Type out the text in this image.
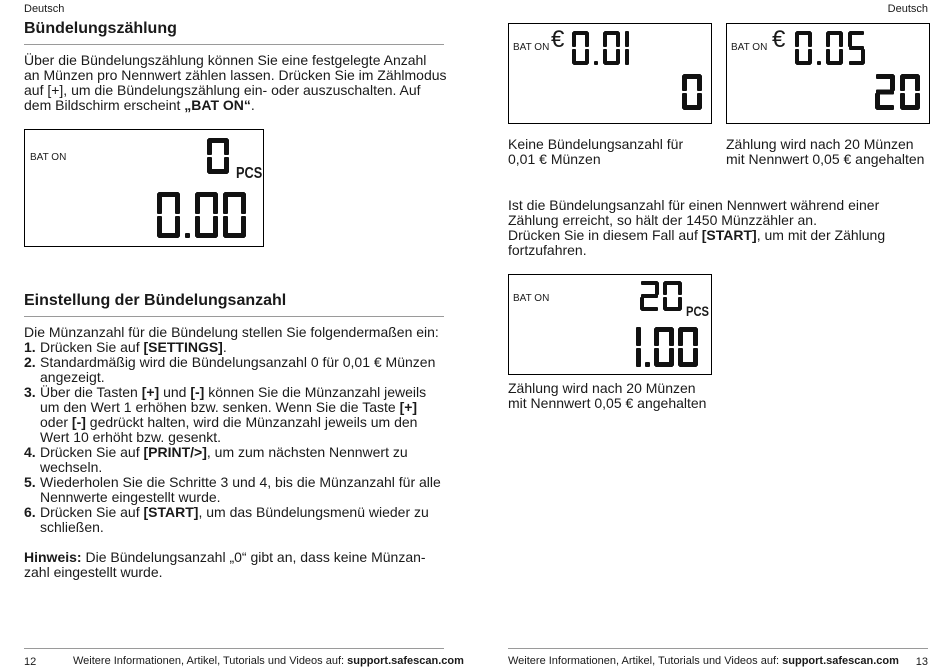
Deutsch	Deutsch
Bündelungszählung

Über die Bündelungszählung können Sie eine festgelegte Anzahl

an Münzen pro Nennwert zählen lassen. Drücken Sie im Zählmodus

auf [+], um die Bündelungszählung ein- oder auszuschalten. Auf

dem Bildschirm erscheint „BAT ON“.

BAT ON
PCS
Einstellung der Bündelungsanzahl

Die Münzanzahl für die Bündelung stellen Sie folgendermaßen ein:

1. Drücken Sie auf [SETTINGS].
2. Standardmäßig wird die Bündelungsanzahl 0 für 0,01 € Münzen
angezeigt.
3. Über die Tasten [+] und [-] können Sie die Münzanzahl jeweils
um den Wert 1 erhöhen bzw. senken. Wenn Sie die Taste [+]
oder [-] gedrückt halten, wird die Münzanzahl jeweils um den
Wert 10 erhöht bzw. gesenkt.
4. Drücken Sie auf [PRINT/>], um zum nächsten Nennwert zu
wechseln.
5. Wiederholen Sie die Schritte 3 und 4, bis die Münzanzahl für alle
Nennwerte eingestellt wurde.
6. Drücken Sie auf [START], um das Bündelungsmenü wieder zu
schließen.

Hinweis: Die Bündelungsanzahl „0“ gibt an, dass keine Münzan-

zahl eingestellt wurde.

12	Weitere Informationen, Artikel, Tutorials und Videos auf: support.safescan.com
BAT ON €

Keine Bündelungsanzahl für

0,01 € Münzen

BAT ON €

Zählung wird nach 20 Münzen

mit Nennwert 0,05 € angehalten

Ist die Bündelungsanzahl für einen Nennwert während einer

Zählung erreicht, so hält der 1450 Münzzähler an.

Drücken Sie in diesem Fall auf [START], um mit der Zählung

fortzufahren.

BAT ON
PCS

Zählung wird nach 20 Münzen

mit Nennwert 0,05 € angehalten

Weitere Informationen, Artikel, Tutorials und Videos auf: support.safescan.com 13
